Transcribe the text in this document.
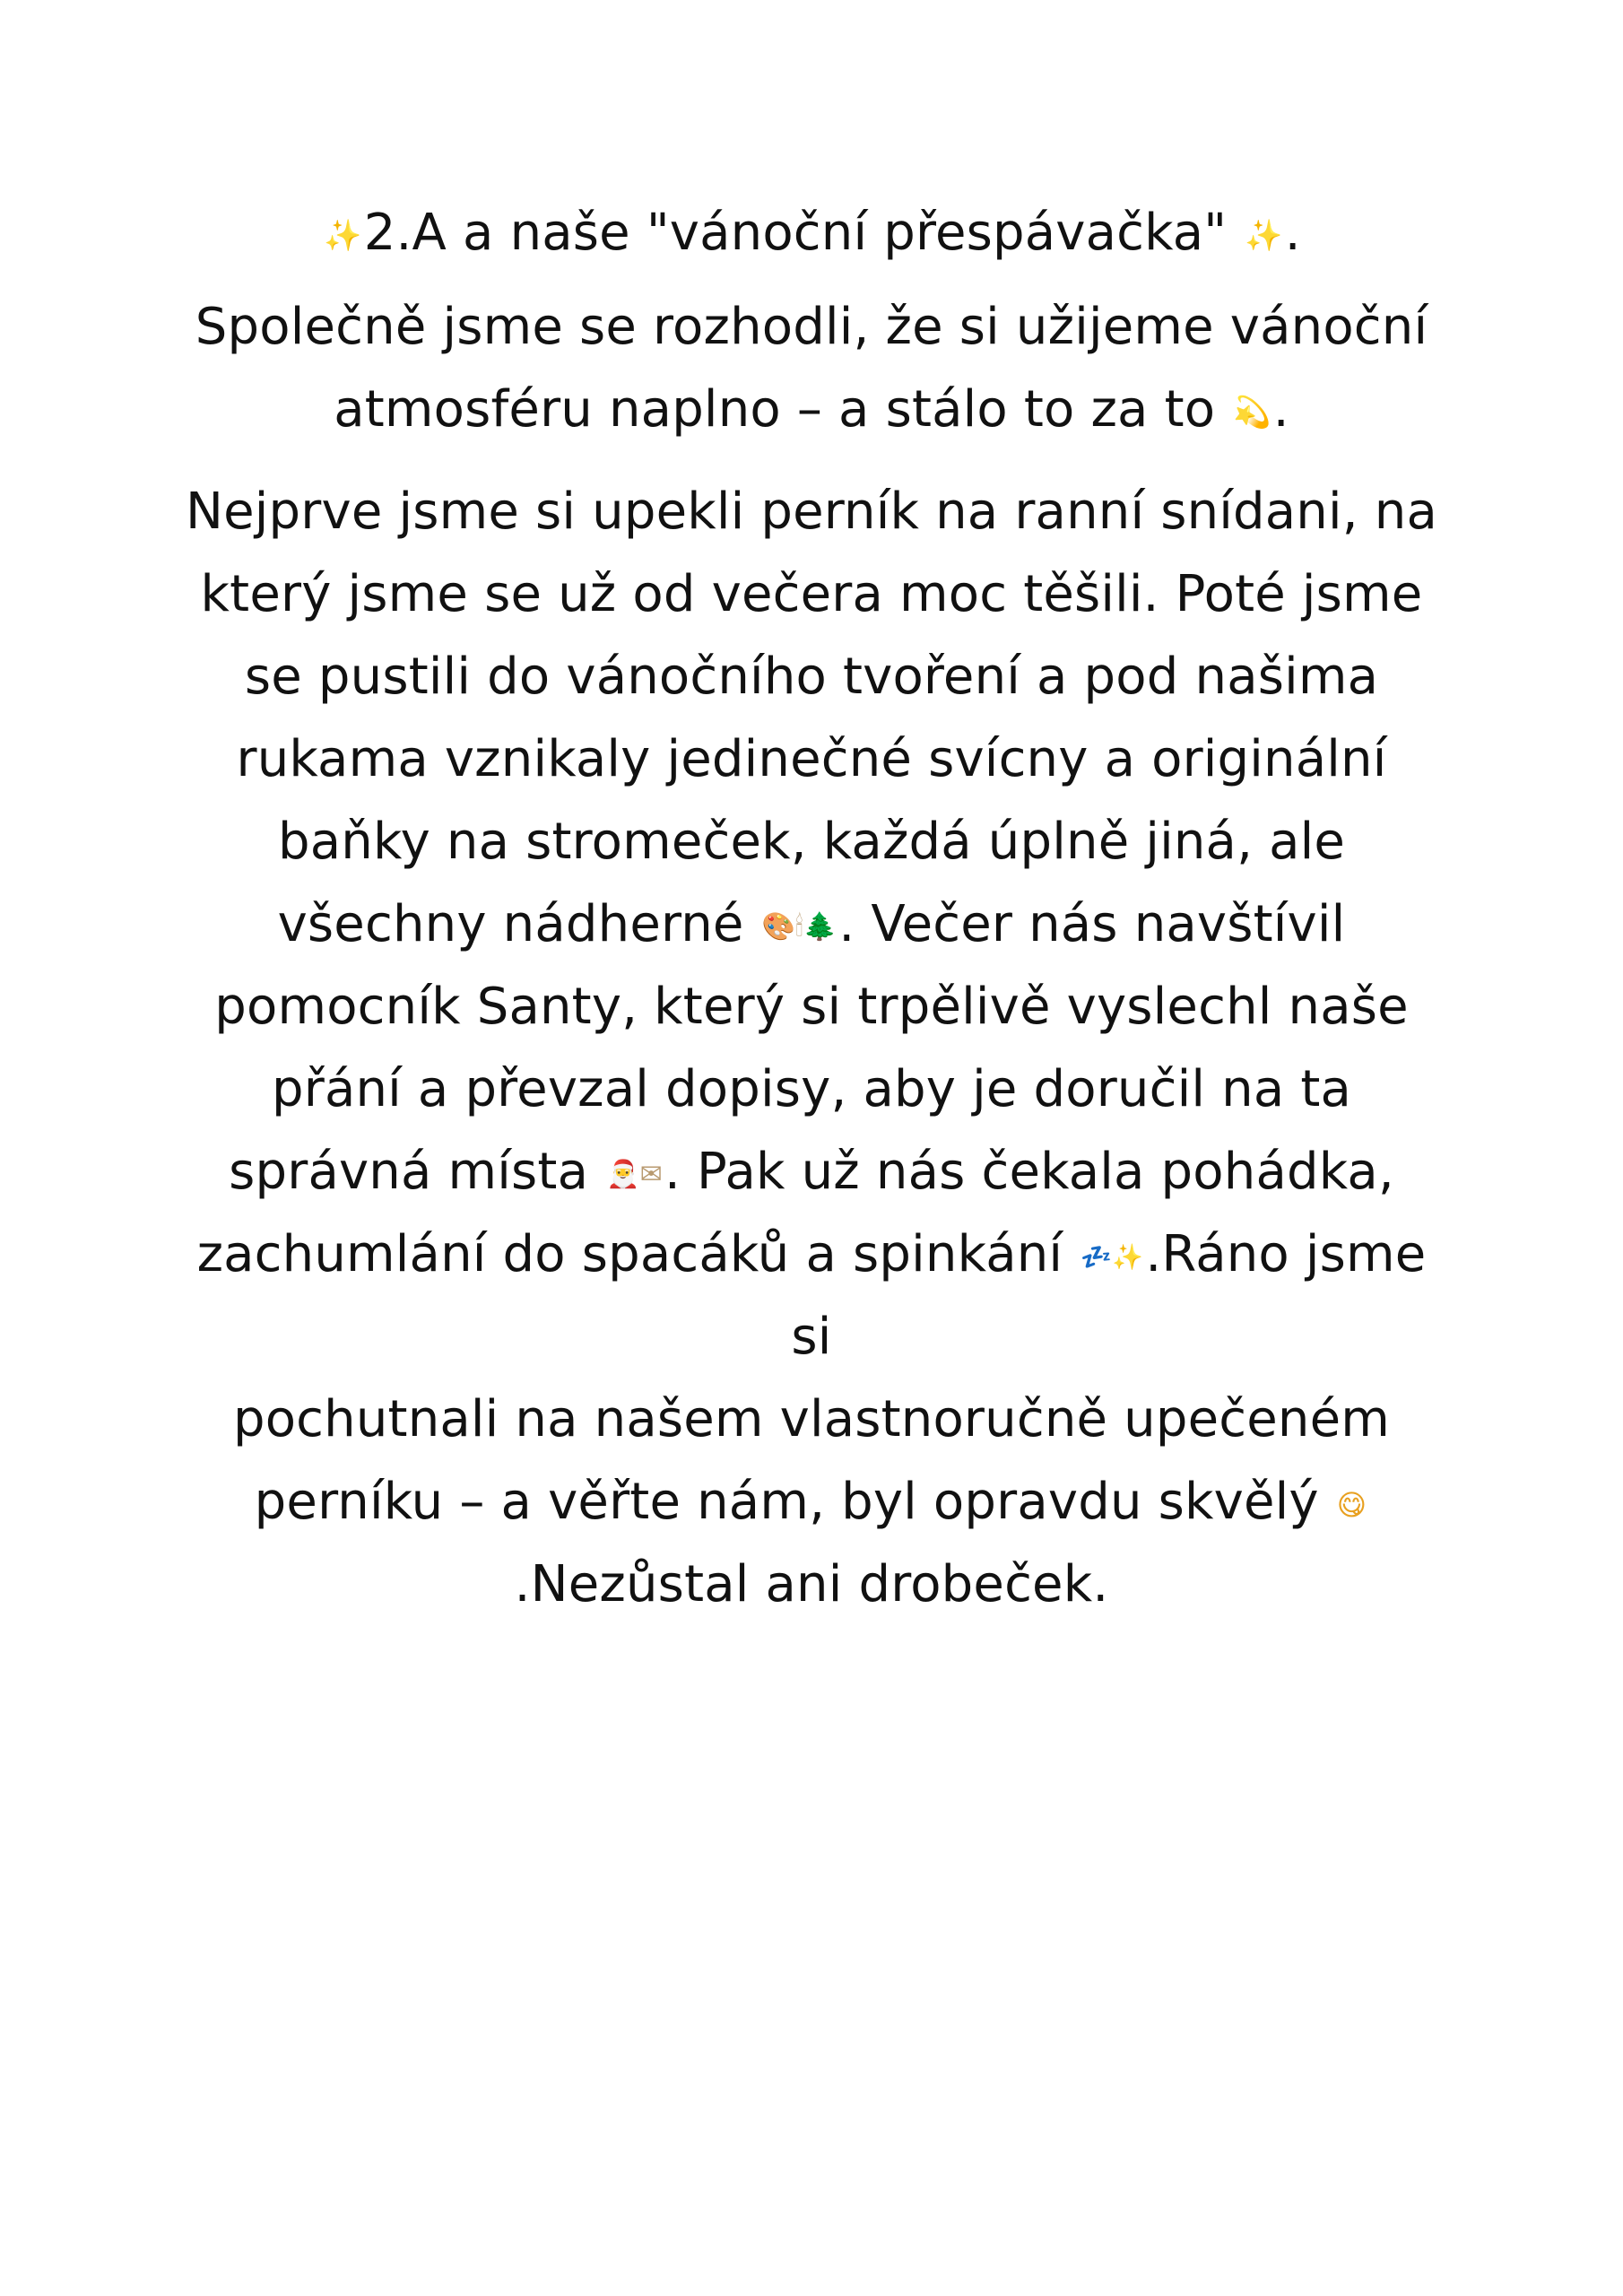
✨2.A a naše "vánoční přespávačka" ✨.

Společně jsme se rozhodli, že si užijeme vánoční
atmosféru naplno – a stálo to za to 💫.

Nejprve jsme si upekli perník na ranní snídani, na
který jsme se už od večera moc těšili. Poté jsme
se pustili do vánočního tvoření a pod našima
rukama vznikaly jedinečné svícny a originální
baňky na stromeček, každá úplně jiná, ale
všechny nádherné 🎨🕯🌲. Večer nás navštívil
pomocník Santy, který si trpělivě vyslechl naše
přání a převzal dopisy, aby je doručil na ta
správná místa 🎅✉. Pak už nás čekala pohádka,
zachumlání do spacáků a spinkání 💤✨.Ráno jsme si
pochutnali na našem vlastnoručně upečeném
perníku – a věřte nám, byl opravdu skvělý 😋
.Nezůstal ani drobeček.
